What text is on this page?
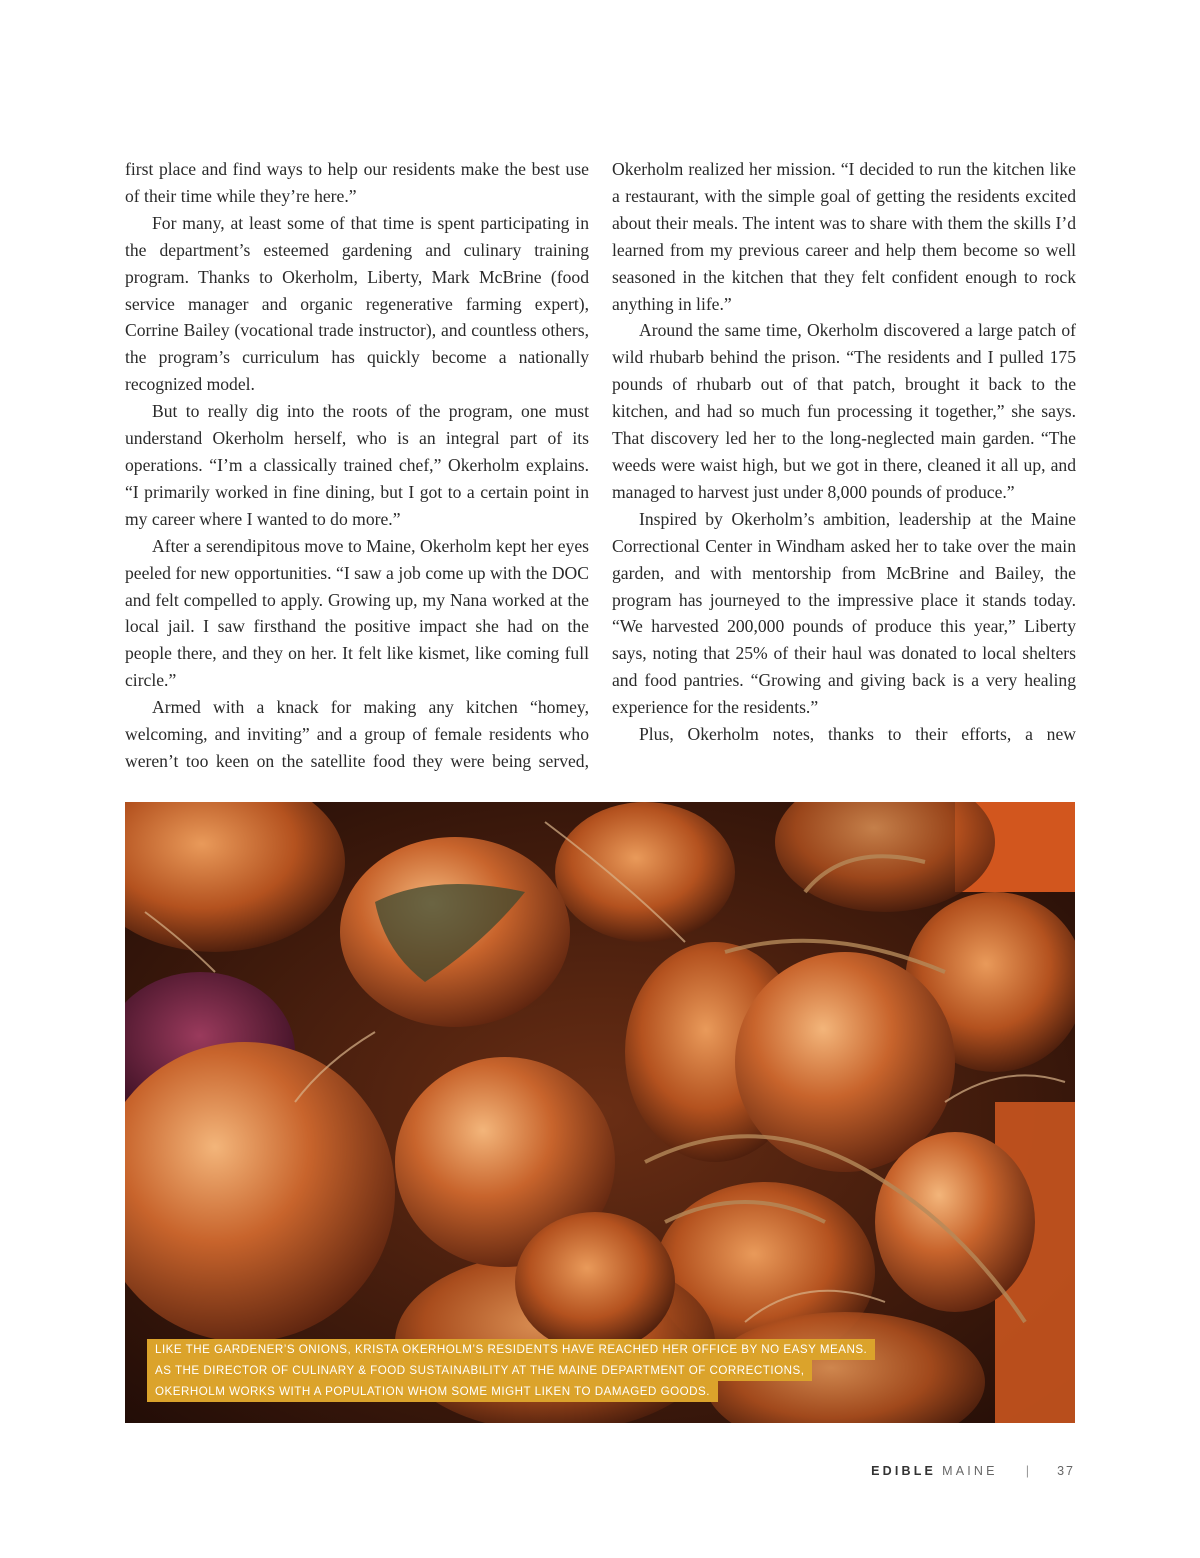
first place and find ways to help our residents make the best use of their time while they’re here.”

For many, at least some of that time is spent participating in the department’s esteemed gardening and culinary training program. Thanks to Okerholm, Liberty, Mark McBrine (food service manager and organic regenerative farming expert), Corrine Bailey (vocational trade instructor), and countless others, the program’s curriculum has quickly become a nationally recognized model.

But to really dig into the roots of the program, one must understand Okerholm herself, who is an integral part of its operations. “I’m a classically trained chef,” Okerholm explains. “I primarily worked in fine dining, but I got to a certain point in my career where I wanted to do more.”

After a serendipitous move to Maine, Okerholm kept her eyes peeled for new opportunities. “I saw a job come up with the DOC and felt compelled to apply. Growing up, my Nana worked at the local jail. I saw firsthand the positive impact she had on the people there, and they on her. It felt like kismet, like coming full circle.”

Armed with a knack for making any kitchen “homey, welcoming, and inviting” and a group of female residents who weren’t too keen on the satellite food they were being served,

Okerholm realized her mission. “I decided to run the kitchen like a restaurant, with the simple goal of getting the residents excited about their meals. The intent was to share with them the skills I’d learned from my previous career and help them become so well seasoned in the kitchen that they felt confident enough to rock anything in life.”

Around the same time, Okerholm discovered a large patch of wild rhubarb behind the prison. “The residents and I pulled 175 pounds of rhubarb out of that patch, brought it back to the kitchen, and had so much fun processing it together,” she says. That discovery led her to the long-neglected main garden. “The weeds were waist high, but we got in there, cleaned it all up, and managed to harvest just under 8,000 pounds of produce.”

Inspired by Okerholm’s ambition, leadership at the Maine Correctional Center in Windham asked her to take over the main garden, and with mentorship from McBrine and Bailey, the program has journeyed to the impressive place it stands today. “We harvested 200,000 pounds of produce this year,” Liberty says, noting that 25% of their haul was donated to local shelters and food pantries. “Growing and giving back is a very healing experience for the residents.”

Plus, Okerholm notes, thanks to their efforts, a new

LIKE THE GARDENER’S ONIONS, KRISTA OKERHOLM’S RESIDENTS HAVE REACHED HER OFFICE BY NO EASY MEANS.
AS THE DIRECTOR OF CULINARY & FOOD SUSTAINABILITY AT THE MAINE DEPARTMENT OF CORRECTIONS,
OKERHOLM WORKS WITH A POPULATION WHOM SOME MIGHT LIKEN TO DAMAGED GOODS.
EDIBLE MAINE | 37
